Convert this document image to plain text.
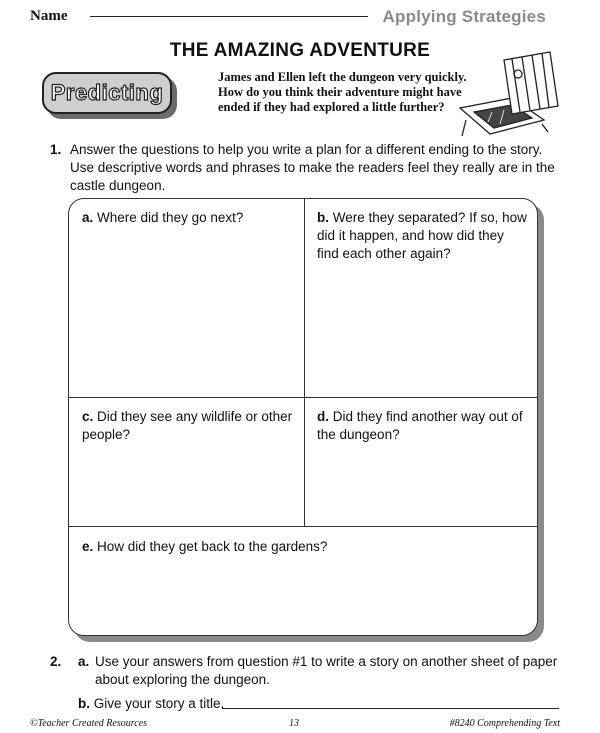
Name	Applying Strategies
THE AMAZING ADVENTURE
Predicting
James and Ellen left the dungeon very quickly. How do you think their adventure might have ended if they had explored a little further?
1. Answer the questions to help you write a plan for a different ending to the story. Use descriptive words and phrases to make the readers feel they really are in the castle dungeon.
a. Where did they go next?	b. Were they separated? If so, how did it happen, and how did they find each other again?
c. Did they see any wildlife or other people?
d. Did they find another way out of the dungeon?
e. How did they get back to the gardens?
2. a. Use your answers from question #1 to write a story on another sheet of paper about exploring the dungeon.
b. Give your story a title.
©Teacher Created Resources	13	#8240 Comprehending Text
